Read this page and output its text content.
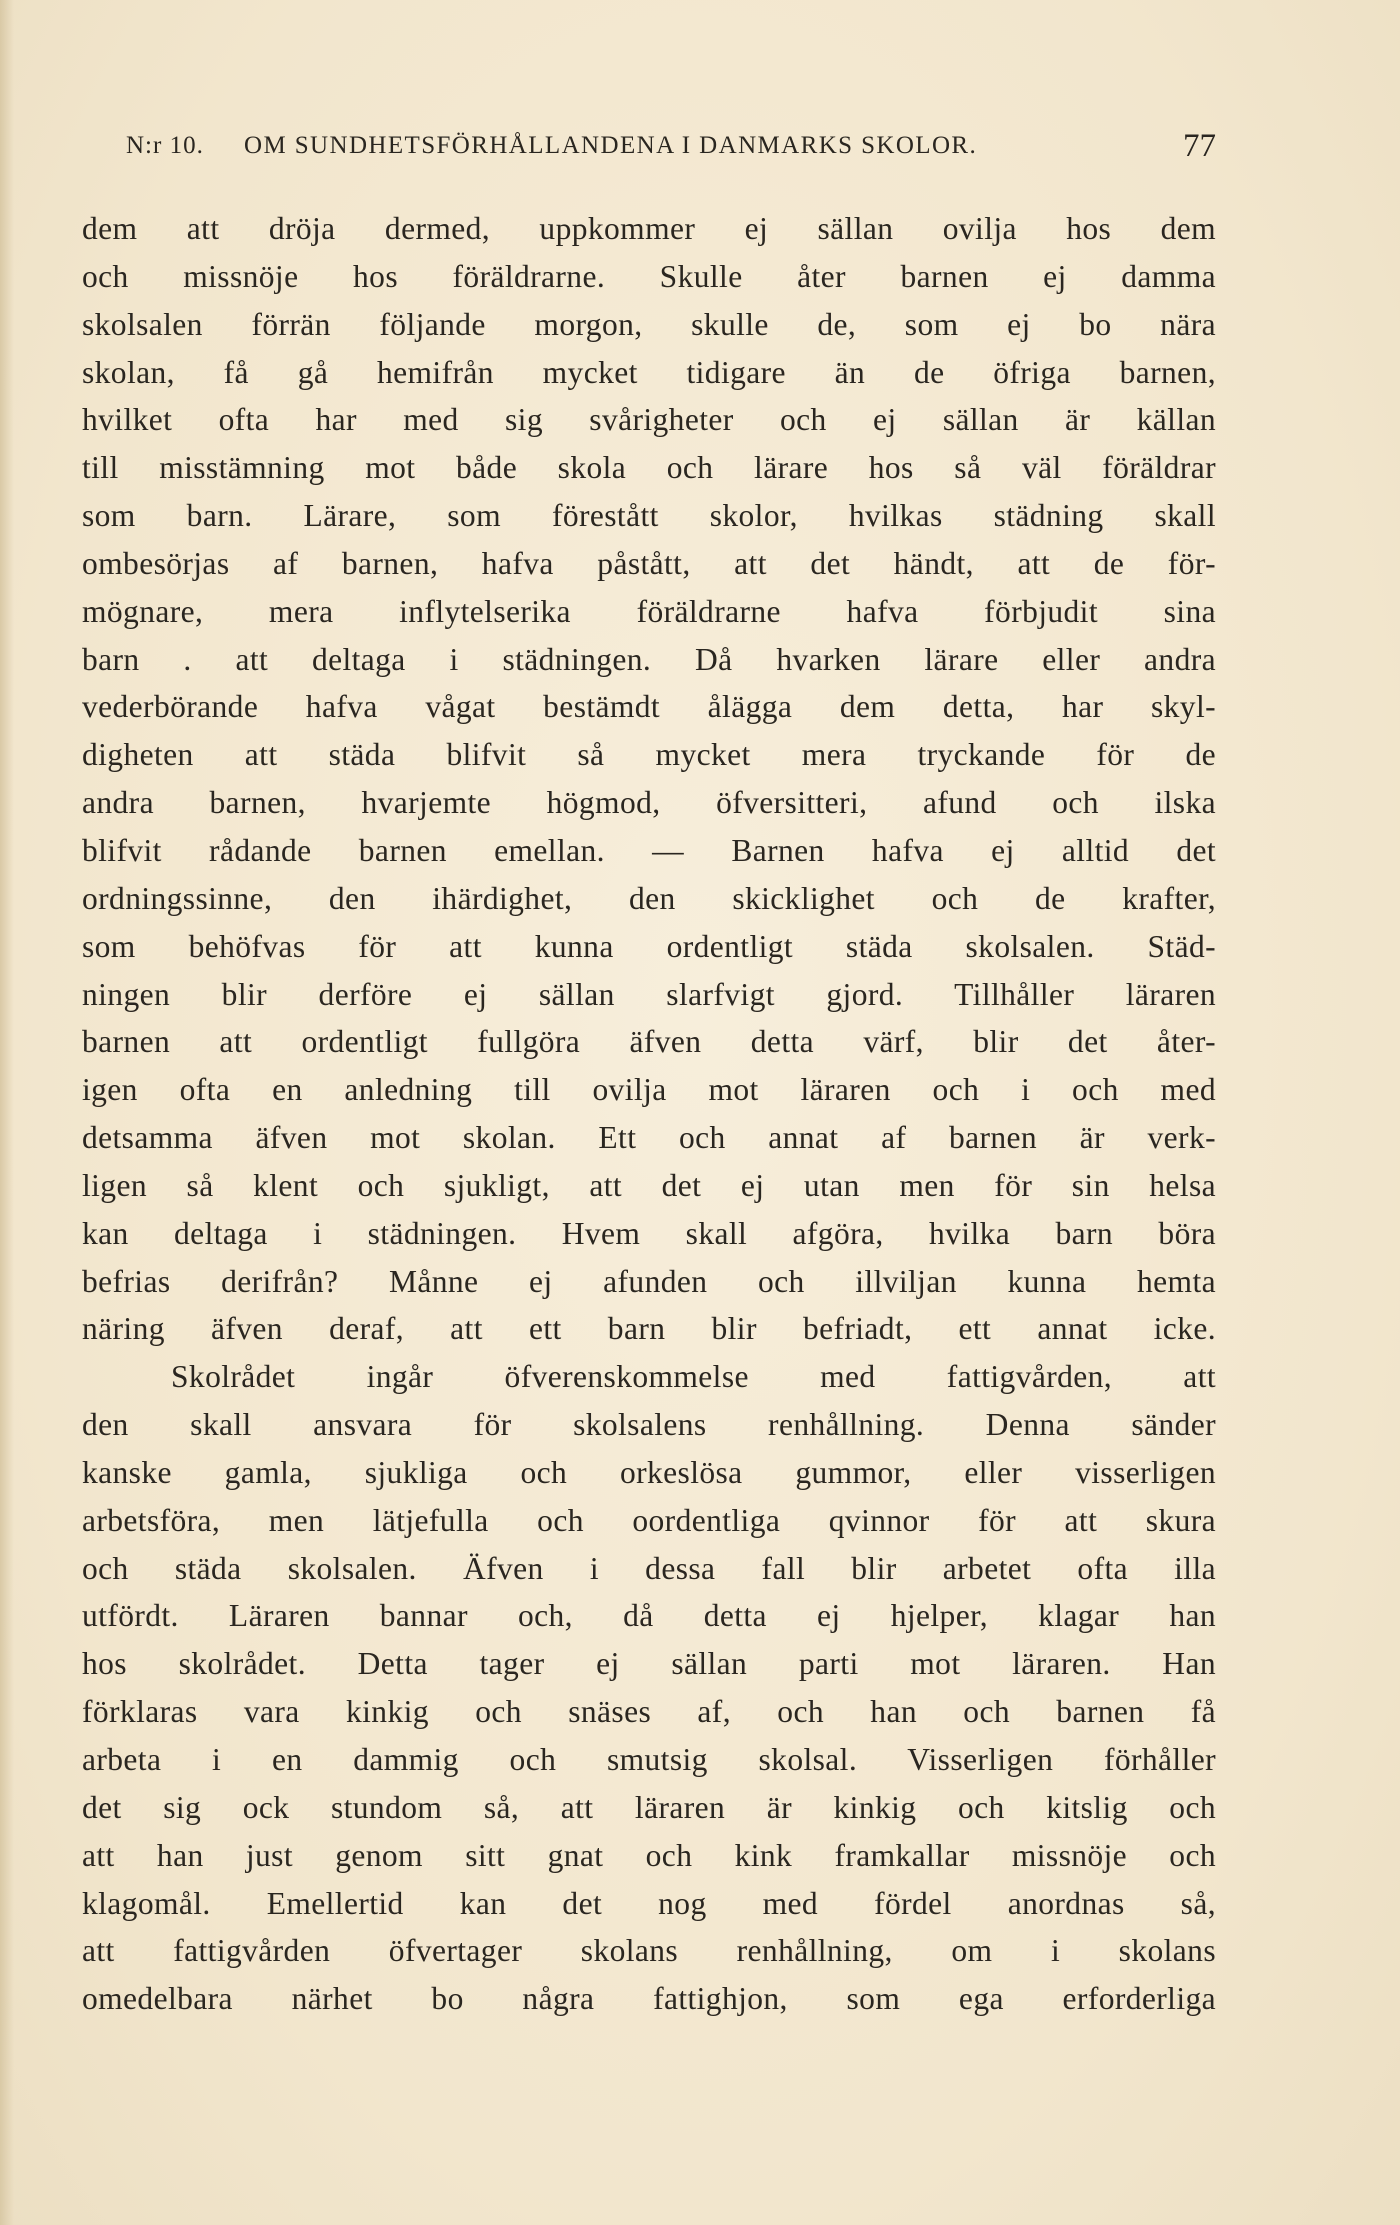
N:r 10. OM SUNDHETSFÖRHÅLLANDENA I DANMARKS SKOLOR.	77
dem att dröja dermed, uppkommer ej sällan ovilja hos dem
och missnöje hos föräldrarne. Skulle åter barnen ej damma
skolsalen förrän följande morgon, skulle de, som ej bo nära
skolan, få gå hemifrån mycket tidigare än de öfriga barnen,
hvilket ofta har med sig svårigheter och ej sällan är källan
till misstämning mot både skola och lärare hos så väl föräldrar
som barn. Lärare, som förestått skolor, hvilkas städning skall
ombesörjas af barnen, hafva påstått, att det händt, att de för-
mögnare, mera inflytelserika föräldrarne hafva förbjudit sina
barn . att deltaga i städningen. Då hvarken lärare eller andra
vederbörande hafva vågat bestämdt ålägga dem detta, har skyl-
digheten att städa blifvit så mycket mera tryckande för de
andra barnen, hvarjemte högmod, öfversitteri, afund och ilska
blifvit rådande barnen emellan. — Barnen hafva ej alltid det
ordningssinne, den ihärdighet, den skicklighet och de krafter,
som behöfvas för att kunna ordentligt städa skolsalen. Städ-
ningen blir derföre ej sällan slarfvigt gjord. Tillhåller läraren
barnen att ordentligt fullgöra äfven detta värf, blir det åter-
igen ofta en anledning till ovilja mot läraren och i och med
detsamma äfven mot skolan. Ett och annat af barnen är verk-
ligen så klent och sjukligt, att det ej utan men för sin helsa
kan deltaga i städningen. Hvem skall afgöra, hvilka barn böra
befrias derifrån? Månne ej afunden och illviljan kunna hemta
näring äfven deraf, att ett barn blir befriadt, ett annat icke.
Skolrådet ingår öfverenskommelse med fattigvården, att
den skall ansvara för skolsalens renhållning. Denna sänder
kanske gamla, sjukliga och orkeslösa gummor, eller visserligen
arbetsföra, men lätjefulla och oordentliga qvinnor för att skura
och städa skolsalen. Äfven i dessa fall blir arbetet ofta illa
utfördt. Läraren bannar och, då detta ej hjelper, klagar han
hos skolrådet. Detta tager ej sällan parti mot läraren. Han
förklaras vara kinkig och snäses af, och han och barnen få
arbeta i en dammig och smutsig skolsal. Visserligen förhåller
det sig ock stundom så, att läraren är kinkig och kitslig och
att han just genom sitt gnat och kink framkallar missnöje och
klagomål. Emellertid kan det nog med fördel anordnas så,
att fattigvården öfvertager skolans renhållning, om i skolans
omedelbara närhet bo några fattighjon, som ega erforderliga
